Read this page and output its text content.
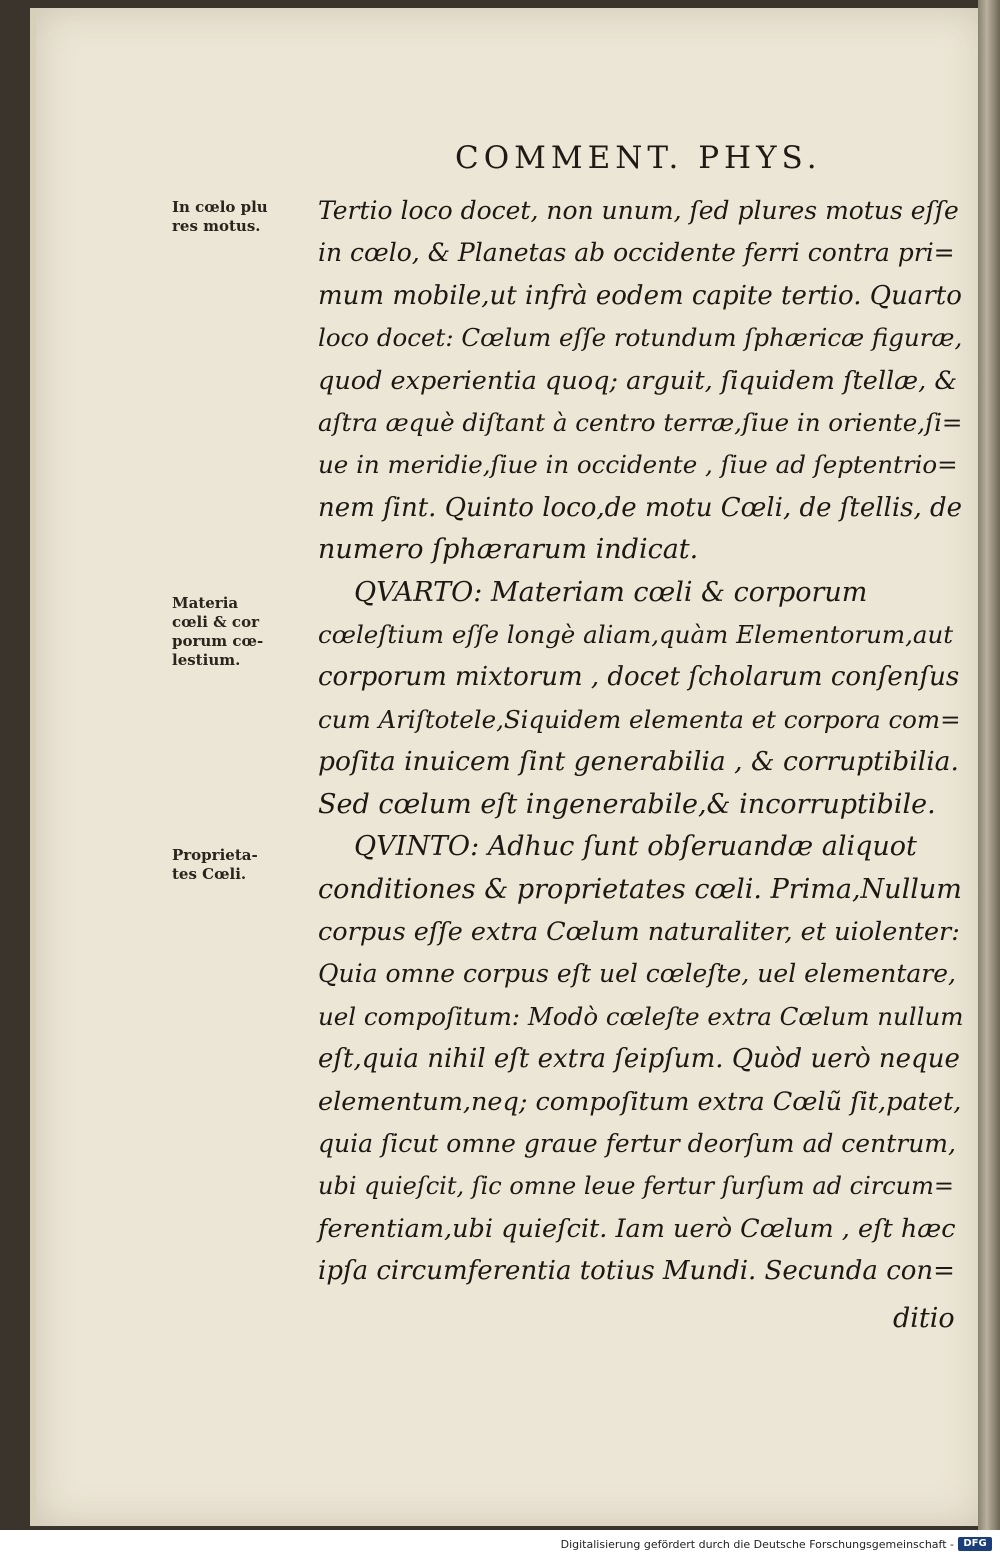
COMMENT. PHYS.
In cœlo plu
res motus.
Materia
cœli & cor
porum cœ-
lestium.
Proprieta-
tes Cœli.
Tertio loco docet, non unum, ſed plures motus eſſe
in cœlo, & Planetas ab occidente ferri contra pri=
mum mobile,ut infrà eodem capite tertio. Quarto
loco docet: Cœlum eſſe rotundum ſphæricæ figuræ,
quod experientia quoq; arguit, ſiquidem ſtellæ, &
aſtra æquè diſtant à centro terræ,ſiue in oriente,ſi=
ue in meridie,ſiue in occidente , ſiue ad ſeptentrio=
nem ſint. Quinto loco,de motu Cœli, de ſtellis, de
numero ſphærarum indicat.
QVARTO: Materiam cœli & corporum
cœleſtium eſſe longè aliam,quàm Elementorum,aut
corporum mixtorum , docet ſcholarum conſenſus
cum Ariſtotele,Siquidem elementa et corpora com=
poſita inuicem ſint generabilia , & corruptibilia.
Sed cœlum eſt ingenerabile,& incorruptibile.
QVINTO: Adhuc ſunt obſeruandæ aliquot
conditiones & proprietates cœli. Prima,Nullum
corpus eſſe extra Cœlum naturaliter, et uiolenter:
Quia omne corpus eſt uel cœleſte, uel elementare,
uel compoſitum: Modò cœleſte extra Cœlum nullum
eſt,quia nihil eſt extra ſeipſum. Quòd uerò neque
elementum,neq; compoſitum extra Cœlũ ſit,patet,
quia ſicut omne graue fertur deorſum ad centrum,
ubi quieſcit, ſic omne leue fertur ſurſum ad circum=
ferentiam,ubi quieſcit. Iam uerò Cœlum , eſt hæc
ipſa circumferentia totius Mundi. Secunda con=
ditio
Digitalisierung gefördert durch die Deutsche Forschungsgemeinschaft - DFG
